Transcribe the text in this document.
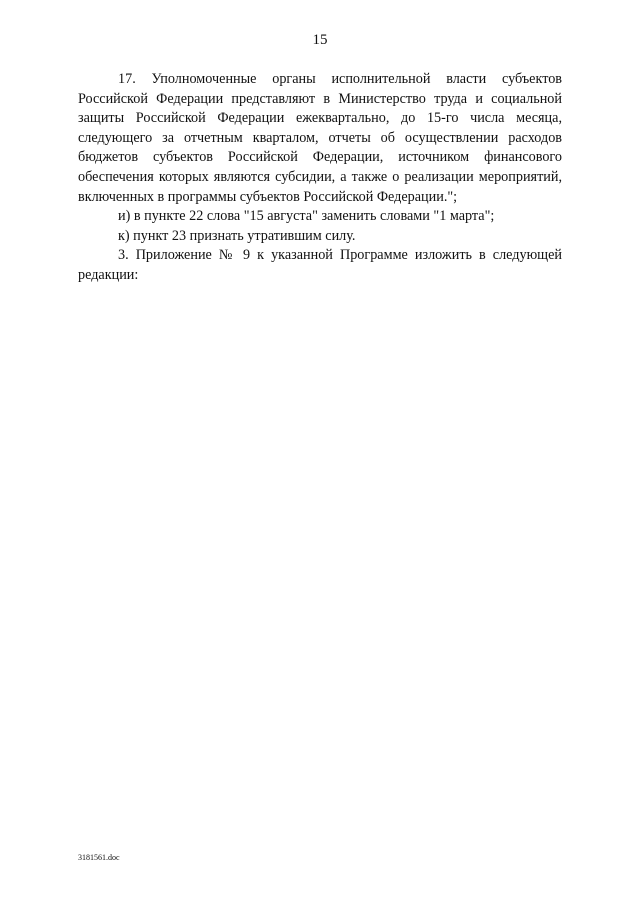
15

17. Уполномоченные органы исполнительной власти субъектов Российской Федерации представляют в Министерство труда и социальной защиты Российской Федерации ежеквартально, до 15-го числа месяца, следующего за отчетным кварталом, отчеты об осуществлении расходов бюджетов субъектов Российской Федерации, источником финансового обеспечения которых являются субсидии, а также о реализации мероприятий, включенных в программы субъектов Российской Федерации.";

и) в пункте 22 слова "15 августа" заменить словами "1 марта";

к) пункт 23 признать утратившим силу.

3. Приложение № 9 к указанной Программе изложить в следующей редакции:

3181561.doc
